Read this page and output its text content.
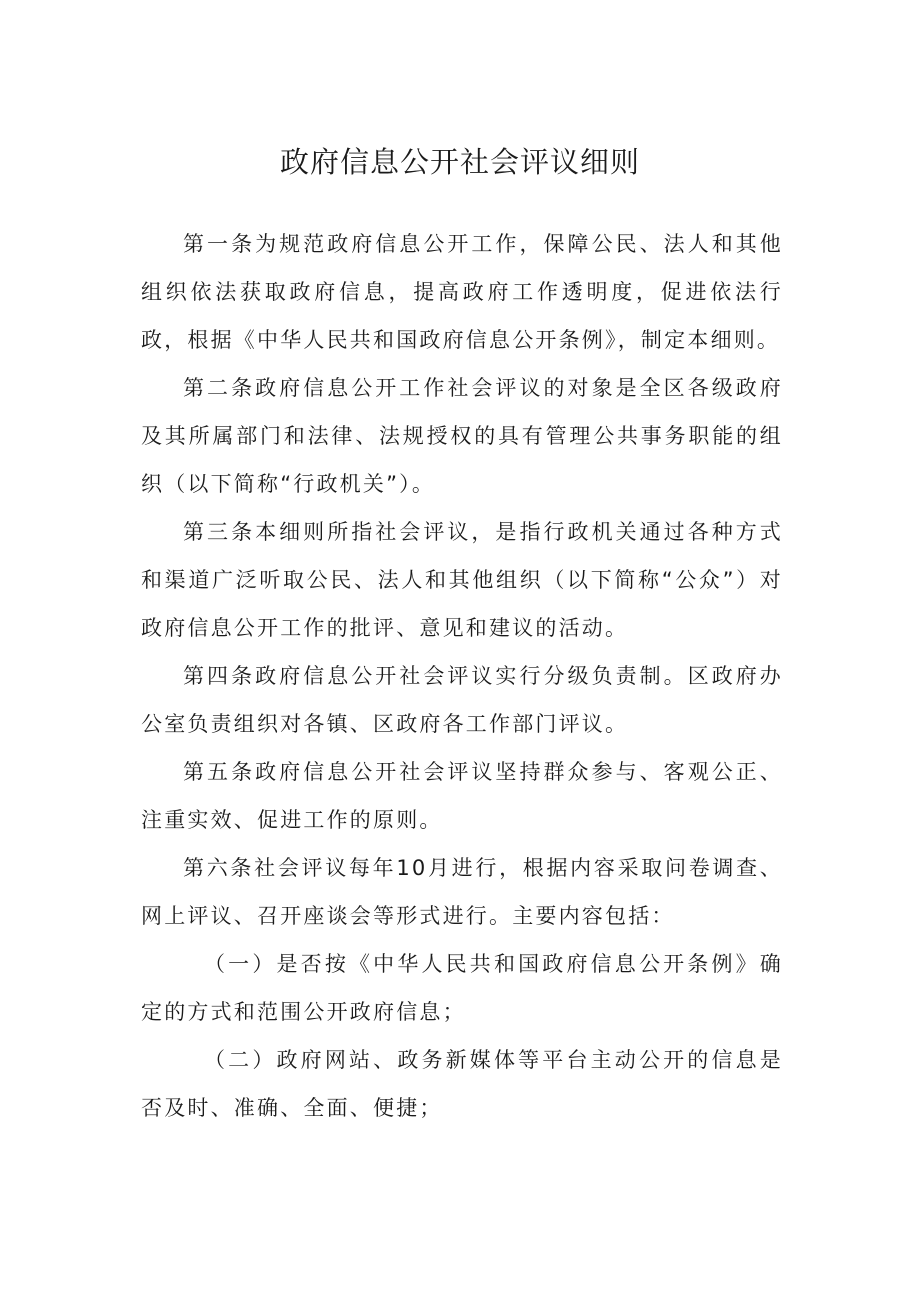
政府信息公开社会评议细则

第一条为规范政府信息公开工作，保障公民、法人和其他组织依法获取政府信息，提高政府工作透明度，促进依法行政，根据《中华人民共和国政府信息公开条例》，制定本细则。

第二条政府信息公开工作社会评议的对象是全区各级政府及其所属部门和法律、法规授权的具有管理公共事务职能的组织（以下简称“行政机关”）。

第三条本细则所指社会评议，是指行政机关通过各种方式和渠道广泛听取公民、法人和其他组织（以下简称“公众”）对政府信息公开工作的批评、意见和建议的活动。

第四条政府信息公开社会评议实行分级负责制。区政府办公室负责组织对各镇、区政府各工作部门评议。

第五条政府信息公开社会评议坚持群众参与、客观公正、注重实效、促进工作的原则。

第六条社会评议每年10月进行，根据内容采取问卷调查、网上评议、召开座谈会等形式进行。主要内容包括：

（一）是否按《中华人民共和国政府信息公开条例》确定的方式和范围公开政府信息；

（二）政府网站、政务新媒体等平台主动公开的信息是否及时、准确、全面、便捷；
